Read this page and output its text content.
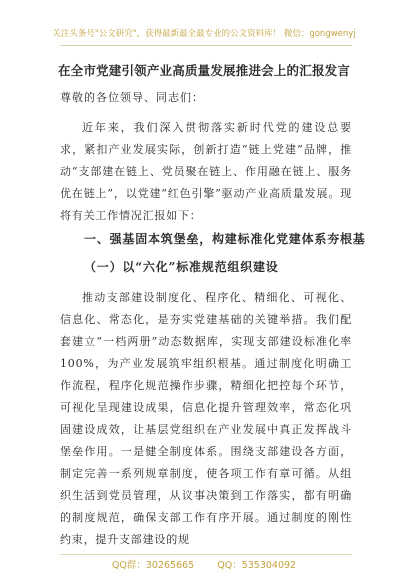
关注头条号"公文研究"，获得最新最全最专业的公文资料库！ 微信：gongwenyj
在全市党建引领产业高质量发展推进会上的汇报发言
尊敬的各位领导、同志们：

近年来，我们深入贯彻落实新时代党的建设总要求，紧扣产业发展实际，创新打造“链上党建”品牌，推动“支部建在链上、党员聚在链上、作用融在链上、服务优在链上”，以党建“红色引擎”驱动产业高质量发展。现将有关工作情况汇报如下：

一、强基固本筑堡垒，构建标准化党建体系夯根基
（一）以“六化”标准规范组织建设

推动支部建设制度化、程序化、精细化、可视化、信息化、常态化，是夯实党建基础的关键举措。我们配套建立“一档两册”动态数据库，实现支部建设标准化率100%，为产业发展筑牢组织根基。通过制度化明确工作流程，程序化规范操作步骤，精细化把控每个环节，可视化呈现建设成果，信息化提升管理效率，常态化巩固建设成效，让基层党组织在产业发展中真正发挥战斗堡垒作用。一是健全制度体系。围绕支部建设各方面，制定完善一系列规章制度，使各项工作有章可循。从组织生活到党员管理，从议事决策到工作落实，都有明确的制度规范，确保支部工作有序开展。通过制度的刚性约束，提升支部建设的规

QQ群：30265665 QQ：535304092
